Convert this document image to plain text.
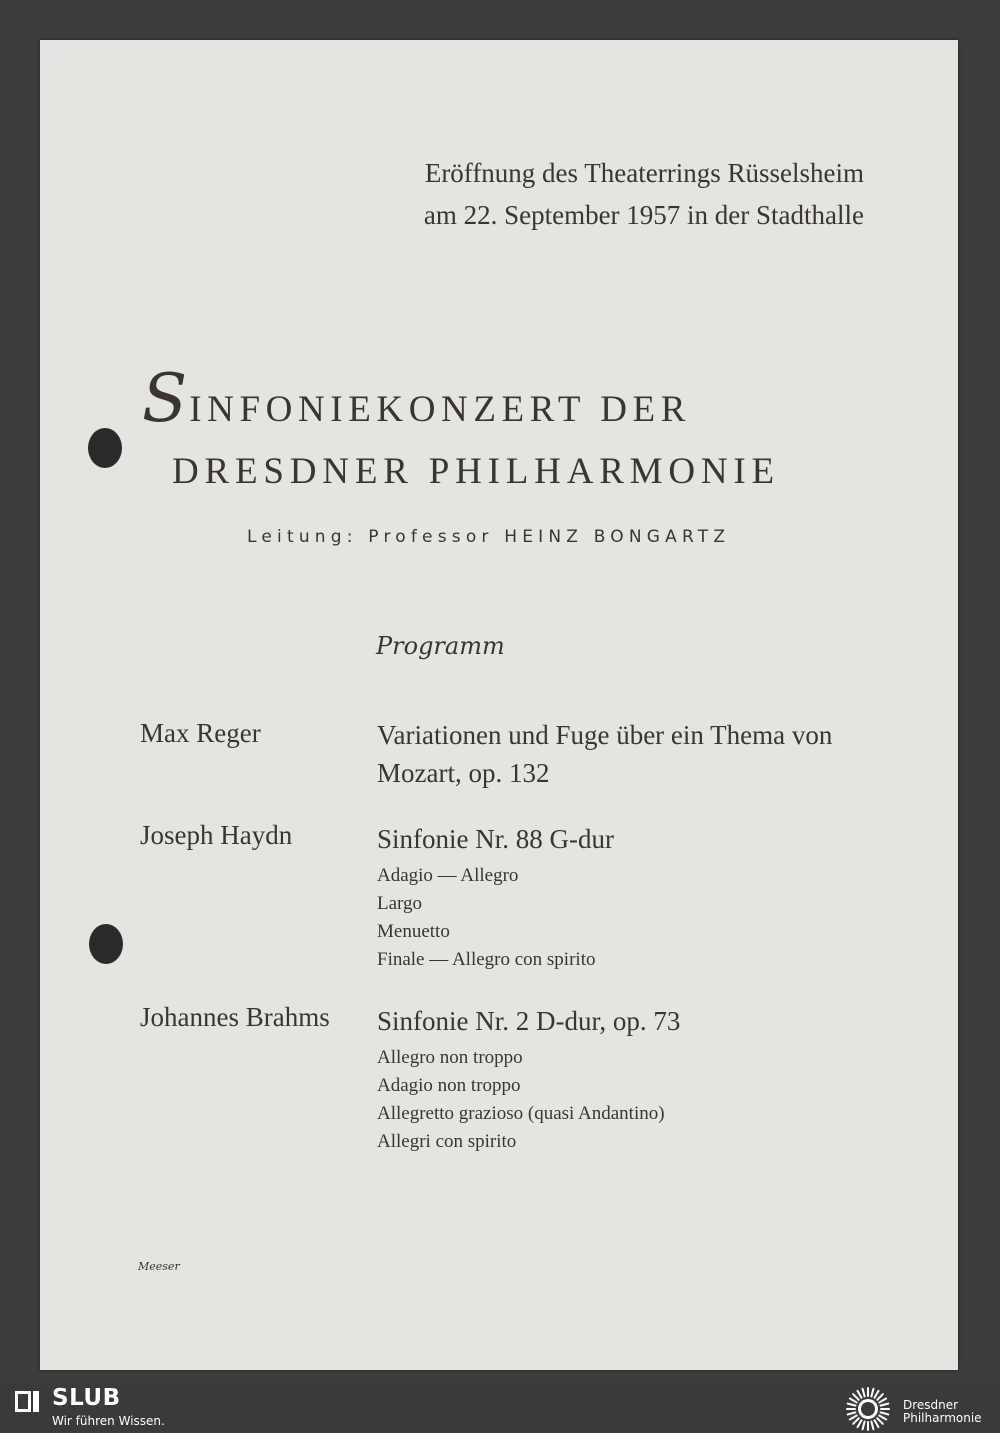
Eröffnung des Theaterrings Rüsselsheim
am 22. September 1957 in der Stadthalle
SINFONIEKONZERT DER
DRESDNER PHILHARMONIE
Leitung: Professor HEINZ BONGARTZ
Programm
Max Reger	Variationen und Fuge über ein Thema von Mozart, op. 132
Joseph Haydn	Sinfonie Nr. 88 G-dur
Adagio — Allegro
Largo
Menuetto
Finale — Allegro con spirito
Johannes Brahms Sinfonie Nr. 2 D-dur, op. 73
Allegro non troppo
Adagio non troppo
Allegretto grazioso (quasi Andantino)
Allegri con spirito
Meeser
SLUB
Wir führen Wissen.
Dresdner
Philharmonie
